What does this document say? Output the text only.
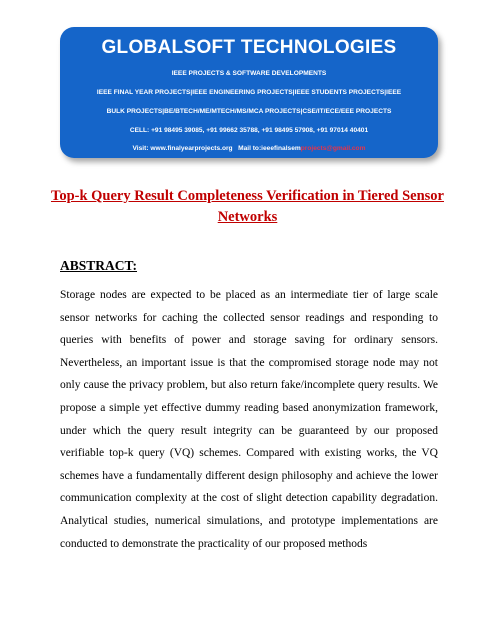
GLOBALSOFT TECHNOLOGIES
IEEE PROJECTS & SOFTWARE DEVELOPMENTS
IEEE FINAL YEAR PROJECTS|IEEE ENGINEERING PROJECTS|IEEE STUDENTS PROJECTS|IEEE
BULK PROJECTS|BE/BTECH/ME/MTECH/MS/MCA PROJECTS|CSE/IT/ECE/EEE PROJECTS
CELL: +91 98495 39085, +91 99662 35788, +91 98495 57908, +91 97014 40401
Visit: www.finalyearprojects.org Mail to:ieeefinalsemprojects@gmail.com
Top-k Query Result Completeness Verification in Tiered Sensor Networks
ABSTRACT:

Storage nodes are expected to be placed as an intermediate tier of large scale sensor networks for caching the collected sensor readings and responding to queries with benefits of power and storage saving for ordinary sensors. Nevertheless, an important issue is that the compromised storage node may not only cause the privacy problem, but also return fake/incomplete query results. We propose a simple yet effective dummy reading based anonymization framework, under which the query result integrity can be guaranteed by our proposed verifiable top-k query (VQ) schemes. Compared with existing works, the VQ schemes have a fundamentally different design philosophy and achieve the lower communication complexity at the cost of slight detection capability degradation. Analytical studies, numerical simulations, and prototype implementations are conducted to demonstrate the practicality of our proposed methods
